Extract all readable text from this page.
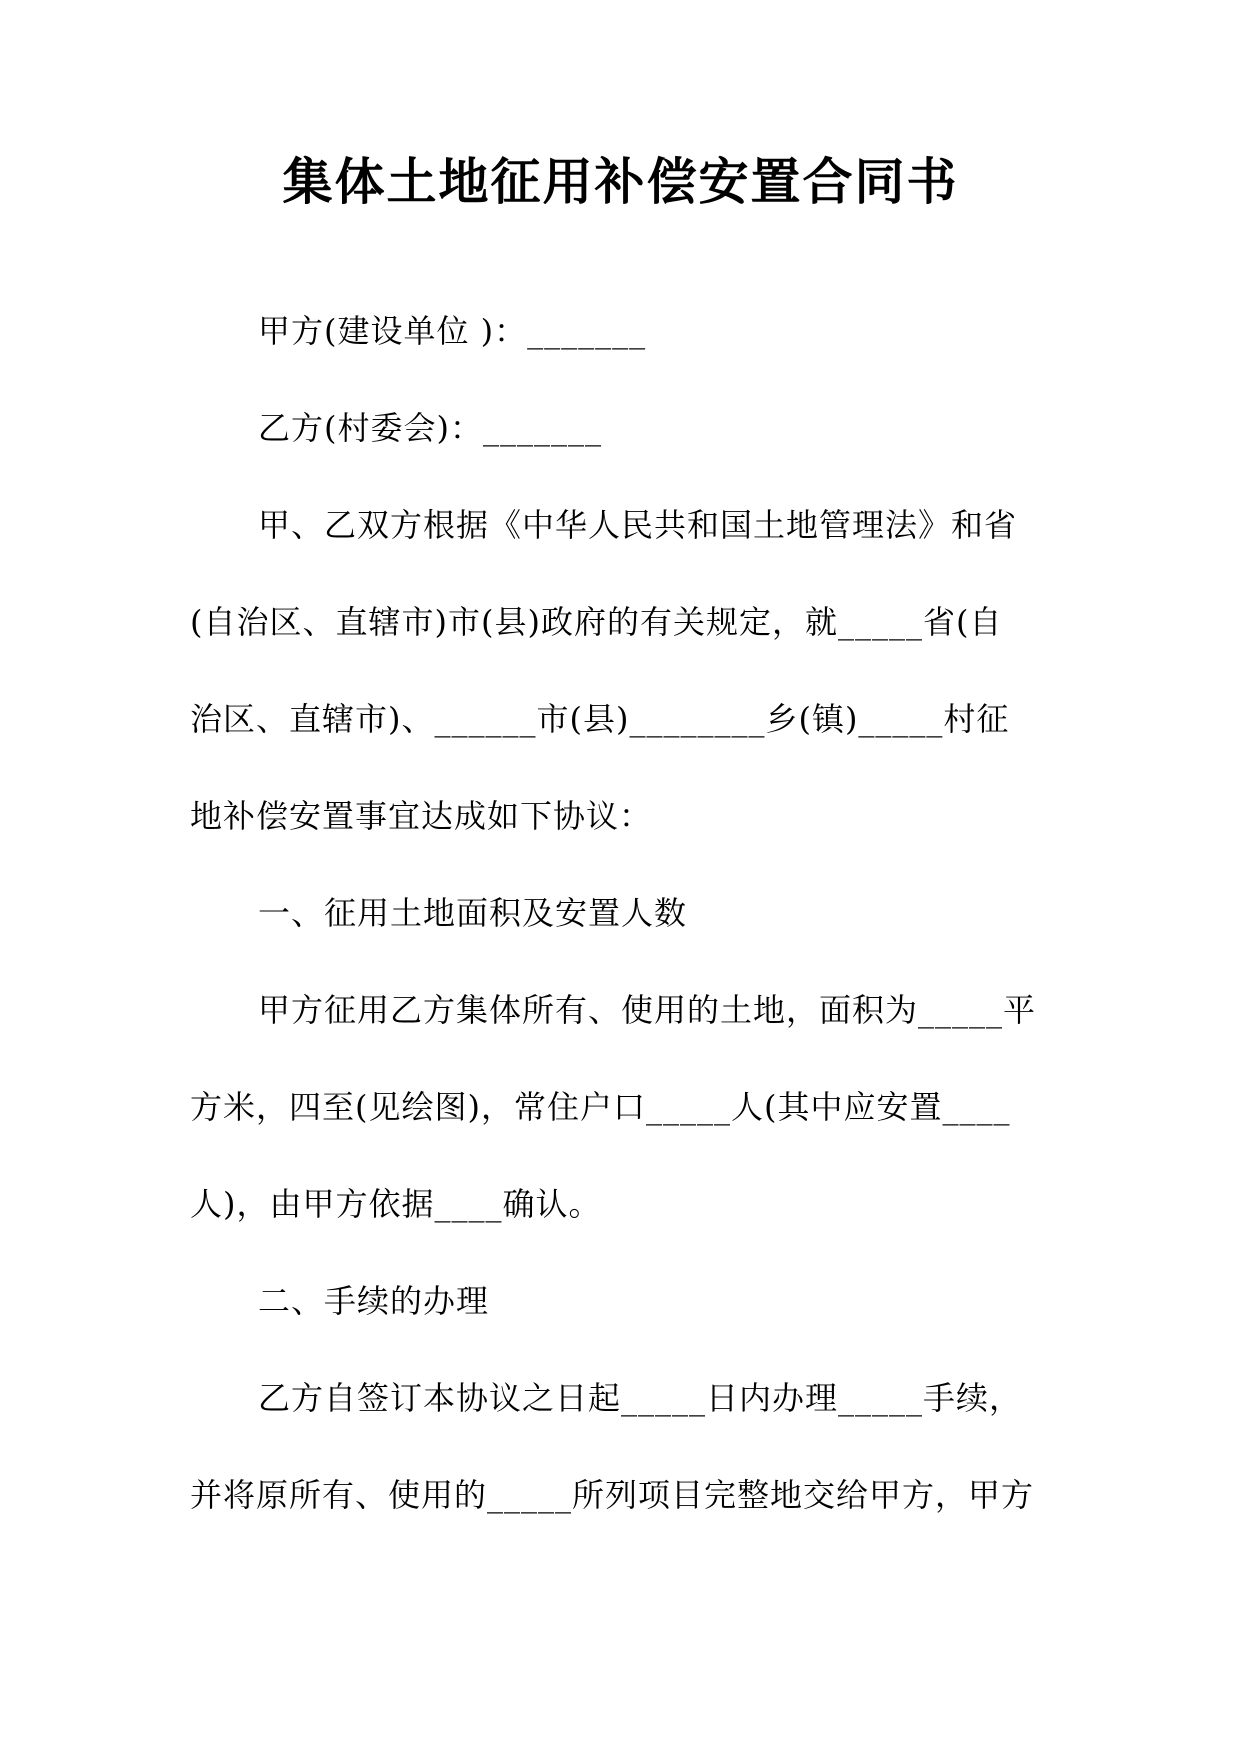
集体土地征用补偿安置合同书
甲方(建设单位 )：_______
乙方(村委会)：_______
甲、乙双方根据《中华人民共和国土地管理法》和省
(自治区、直辖市)市(县)政府的有关规定，就_____省(自
治区、直辖市)、______市(县)________乡(镇)_____村征
地补偿安置事宜达成如下协议：
一、征用土地面积及安置人数
甲方征用乙方集体所有、使用的土地，面积为_____平
方米，四至(见绘图)，常住户口_____人(其中应安置____
人)，由甲方依据____确认。
二、手续的办理
乙方自签订本协议之日起_____日内办理_____手续，
并将原所有、使用的_____所列项目完整地交给甲方，甲方
